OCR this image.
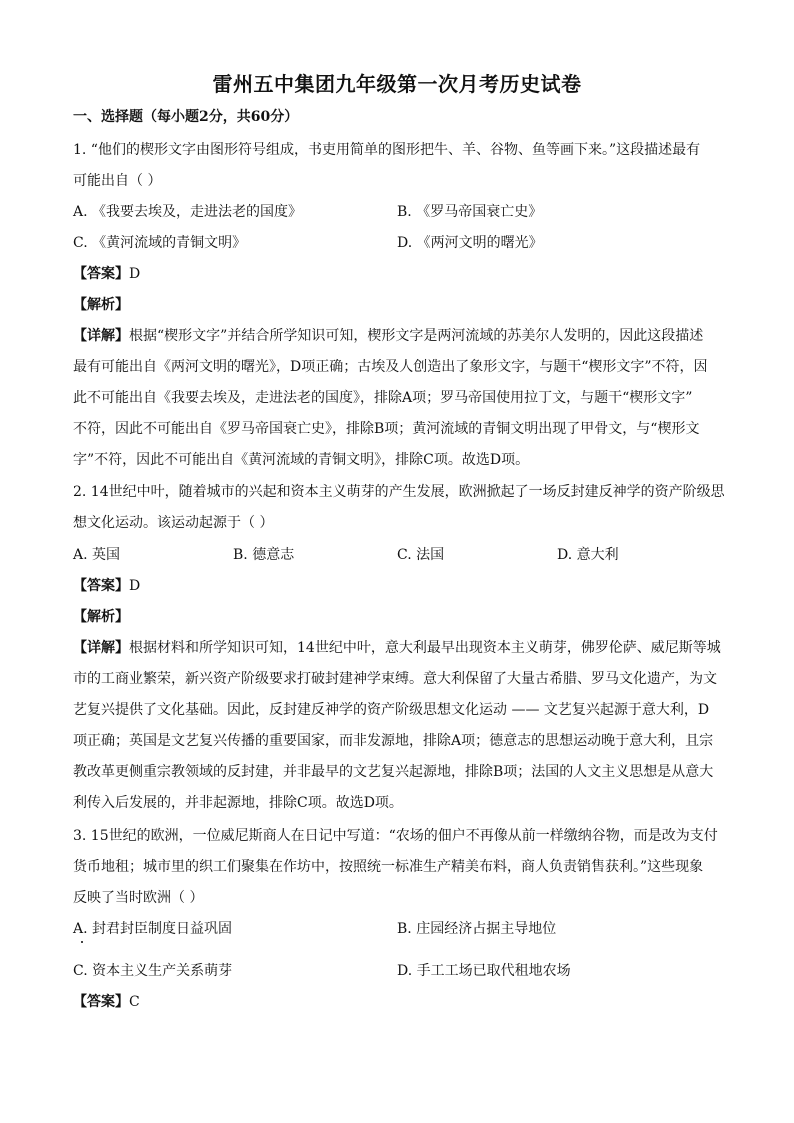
雷州五中集团九年级第一次月考历史试卷
一、选择题（每小题2分，共60分）
1. “他们的楔形文字由图形符号组成，书吏用简单的图形把牛、羊、谷物、鱼等画下来。”这段描述最有
可能出自（ ）
A. 《我要去埃及，走进法老的国度》	B. 《罗马帝国衰亡史》
C. 《黄河流域的青铜文明》	D. 《两河文明的曙光》
【答案】D
【解析】
【详解】根据“楔形文字”并结合所学知识可知，楔形文字是两河流域的苏美尔人发明的，因此这段描述
最有可能出自《两河文明的曙光》，D项正确；古埃及人创造出了象形文字，与题干“楔形文字”不符，因
此不可能出自《我要去埃及，走进法老的国度》，排除A项；罗马帝国使用拉丁文，与题干“楔形文字”
不符，因此不可能出自《罗马帝国衰亡史》，排除B项；黄河流域的青铜文明出现了甲骨文，与“楔形文
字”不符，因此不可能出自《黄河流域的青铜文明》，排除C项。故选D项。
2. 14世纪中叶，随着城市的兴起和资本主义萌芽的产生发展，欧洲掀起了一场反封建反神学的资产阶级思
想文化运动。该运动起源于（ ）
A. 英国	B. 德意志	C. 法国	D. 意大利
【答案】D
【解析】
【详解】根据材料和所学知识可知，14世纪中叶，意大利最早出现资本主义萌芽，佛罗伦萨、威尼斯等城
市的工商业繁荣，新兴资产阶级要求打破封建神学束缚。意大利保留了大量古希腊、罗马文化遗产，为文
艺复兴提供了文化基础。因此，反封建反神学的资产阶级思想文化运动 —— 文艺复兴起源于意大利，D
项正确；英国是文艺复兴传播的重要国家，而非发源地，排除A项；德意志的思想运动晚于意大利，且宗
教改革更侧重宗教领域的反封建，并非最早的文艺复兴起源地，排除B项；法国的人文主义思想是从意大
利传入后发展的，并非起源地，排除C项。故选D项。
3. 15世纪的欧洲，一位威尼斯商人在日记中写道：“农场的佃户不再像从前一样缴纳谷物，而是改为支付
货币地租；城市里的织工们聚集在作坊中，按照统一标准生产精美布料，商人负责销售获利。”这些现象
反映了当时欧洲（ ）
A. 封君封臣制度日益巩固	B. 庄园经济占据主导地位
C. 资本主义生产关系萌芽	D. 手工工场已取代租地农场
【答案】C
